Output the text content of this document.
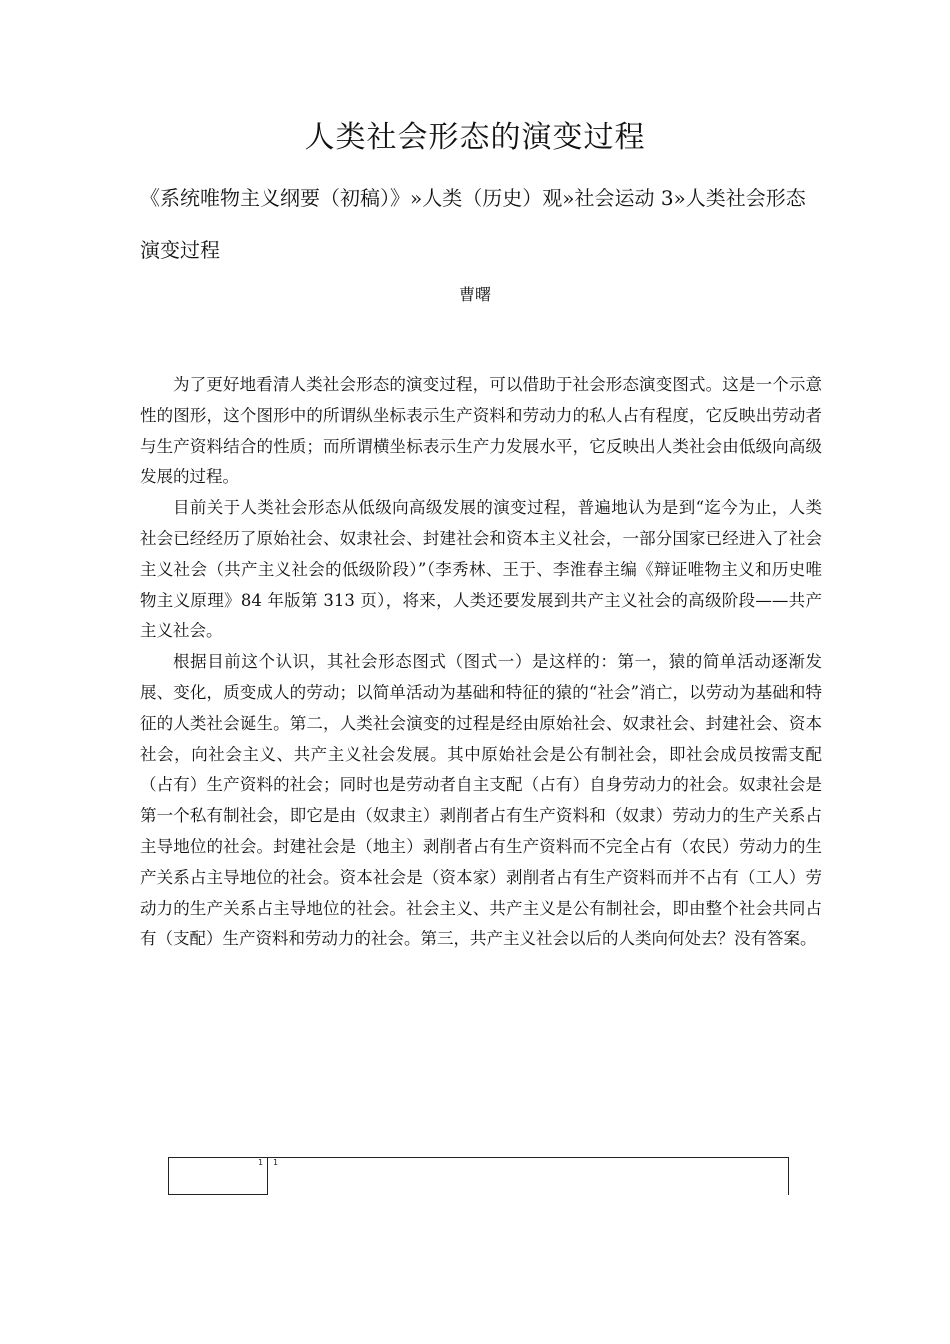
人类社会形态的演变过程

《系统唯物主义纲要（初稿）》»人类（历史）观»社会运动 3»人类社会形态演变过程

曹曙

为了更好地看清人类社会形态的演变过程，可以借助于社会形态演变图式。这是一个示意性的图形，这个图形中的所谓纵坐标表示生产资料和劳动力的私人占有程度，它反映出劳动者与生产资料结合的性质；而所谓横坐标表示生产力发展水平，它反映出人类社会由低级向高级发展的过程。

目前关于人类社会形态从低级向高级发展的演变过程，普遍地认为是到“迄今为止，人类社会已经经历了原始社会、奴隶社会、封建社会和资本主义社会，一部分国家已经进入了社会主义社会（共产主义社会的低级阶段）”（李秀林、王于、李淮春主编《辩证唯物主义和历史唯物主义原理》84 年版第 313 页），将来，人类还要发展到共产主义社会的高级阶段——共产主义社会。

根据目前这个认识，其社会形态图式（图式一）是这样的：第一，猿的简单活动逐渐发展、变化，质变成人的劳动；以简单活动为基础和特征的猿的“社会”消亡，以劳动为基础和特征的人类社会诞生。第二，人类社会演变的过程是经由原始社会、奴隶社会、封建社会、资本社会，向社会主义、共产主义社会发展。其中原始社会是公有制社会，即社会成员按需支配（占有）生产资料的社会；同时也是劳动者自主支配（占有）自身劳动力的社会。奴隶社会是第一个私有制社会，即它是由（奴隶主）剥削者占有生产资料和（奴隶）劳动力的生产关系占主导地位的社会。封建社会是（地主）剥削者占有生产资料而不完全占有（农民）劳动力的生产关系占主导地位的社会。资本社会是（资本家）剥削者占有生产资料而并不占有（工人）劳动力的生产关系占主导地位的社会。社会主义、共产主义是公有制社会，即由整个社会共同占有（支配）生产资料和劳动力的社会。第三，共产主义社会以后的人类向何处去？没有答案。

1 1
